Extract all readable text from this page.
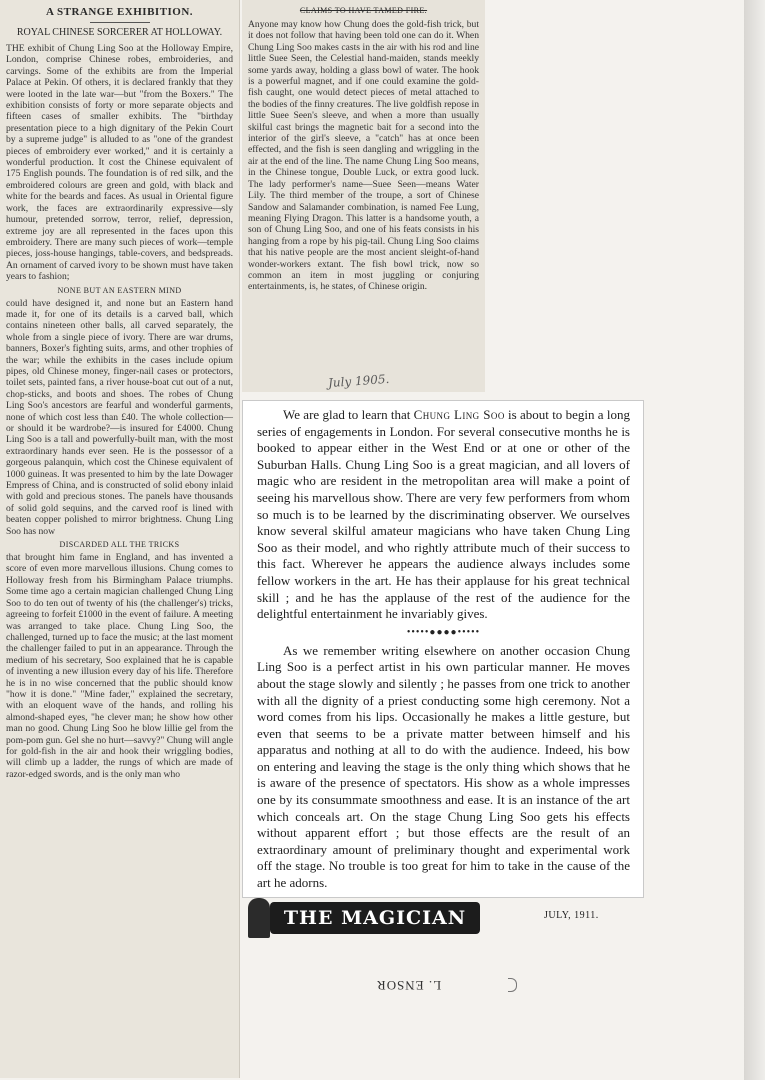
A STRANGE EXHIBITION.

ROYAL CHINESE SORCERER AT HOLLOWAY.

THE exhibit of Chung Ling Soo at the Holloway Empire, London, comprise Chinese robes, embroideries, and carvings. Some of the exhibits are from the Imperial Palace at Pekin. Of others, it is declared frankly that they were looted in the late war—but "from the Boxers." The exhibition consists of forty or more separate objects and fifteen cases of smaller exhibits. The "birthday presentation piece to a high dignitary of the Pekin Court by a supreme judge" is alluded to as "one of the grandest pieces of embroidery ever worked," and it is certainly a wonderful production. It cost the Chinese equivalent of 175 English pounds. The foundation is of red silk, and the embroidered colours are green and gold, with black and white for the beards and faces. As usual in Oriental figure work, the faces are extraordinarily expressive—sly humour, pretended sorrow, terror, relief, depression, extreme joy are all represented in the faces upon this embroidery. There are many such pieces of work—temple pieces, joss-house hangings, table-covers, and bedspreads. An ornament of carved ivory to be shown must have taken years to fashion;

NONE BUT AN EASTERN MIND

could have designed it, and none but an Eastern hand made it, for one of its details is a carved ball, which contains nineteen other balls, all carved separately, the whole from a single piece of ivory. There are war drums, banners, Boxer's fighting suits, arms, and other trophies of the war; while the exhibits in the cases include opium pipes, old Chinese money, finger-nail cases or protectors, toilet sets, painted fans, a river house-boat cut out of a nut, chop-sticks, and boots and shoes. The robes of Chung Ling Soo's ancestors are fearful and wonderful garments, none of which cost less than £40. The whole collection—or should it be wardrobe?—is insured for £4000. Chung Ling Soo is a tall and powerfully-built man, with the most extraordinary hands ever seen. He is the possessor of a gorgeous palanquin, which cost the Chinese equivalent of 1000 guineas. It was presented to him by the late Dowager Empress of China, and is constructed of solid ebony inlaid with gold and precious stones. The panels have thousands of solid gold sequins, and the carved roof is lined with beaten copper polished to mirror brightness. Chung Ling Soo has now

DISCARDED ALL THE TRICKS

that brought him fame in England, and has invented a score of even more marvellous illusions. Chung comes to Holloway fresh from his Birmingham Palace triumphs. Some time ago a certain magician challenged Chung Ling Soo to do ten out of twenty of his (the challenger's) tricks, agreeing to forfeit £1000 in the event of failure. A meeting was arranged to take place. Chung Ling Soo, the challenged, turned up to face the music; at the last moment the challenger failed to put in an appearance. Through the medium of his secretary, Soo explained that he is capable of inventing a new illusion every day of his life. Therefore he is in no wise concerned that the public should know "how it is done." "Mine fader," explained the secretary, with an eloquent wave of the hands, and rolling his almond-shaped eyes, "he clever man; he show how other man no good. Chung Ling Soo he blow lillie gel from the pom-pom gun. Gel she no hurt—savvy?" Chung will angle for gold-fish in the air and hook their wriggling bodies, will climb up a ladder, the rungs of which are made of razor-edged swords, and is the only man who

CLAIMS TO HAVE TAMED FIRE.

Anyone may know how Chung does the gold-fish trick, but it does not follow that having been told one can do it. When Chung Ling Soo makes casts in the air with his rod and line little Suee Seen, the Celestial hand-maiden, stands meekly some yards away, holding a glass bowl of water. The hook is a powerful magnet, and if one could examine the gold-fish caught, one would detect pieces of metal attached to the bodies of the finny creatures. The live goldfish repose in little Suee Seen's sleeve, and when a more than usually skilful cast brings the magnetic bait for a second into the interior of the girl's sleeve, a "catch" has at once been effected, and the fish is seen dangling and wriggling in the air at the end of the line. The name Chung Ling Soo means, in the Chinese tongue, Double Luck, or extra good luck. The lady performer's name—Suee Seen—means Water Lily. The third member of the troupe, a sort of Chinese Sandow and Salamander combination, is named Fee Lung, meaning Flying Dragon. This latter is a handsome youth, a son of Chung Ling Soo, and one of his feats consists in his hanging from a rope by his pig-tail. Chung Ling Soo claims that his native people are the most ancient sleight-of-hand wonder-workers extant. The fish bowl trick, now so common an item in most juggling or conjuring entertainments, is, he states, of Chinese origin.

July 1905.

We are glad to learn that Chung Ling Soo is about to begin a long series of engagements in London. For several consecutive months he is booked to appear either in the West End or at one or other of the Suburban Halls. Chung Ling Soo is a great magician, and all lovers of magic who are resident in the metropolitan area will make a point of seeing his marvellous show. There are very few performers from whom so much is to be learned by the discriminating observer. We ourselves know several skilful amateur magicians who have taken Chung Ling Soo as their model, and who rightly attribute much of their success to this fact. Wherever he appears the audience always includes some fellow workers in the art. He has their applause for his great technical skill ; and he has the applause of the rest of the audience for the delightful entertainment he invariably gives.

•••••●●●●•••••

As we remember writing elsewhere on another occasion Chung Ling Soo is a perfect artist in his own particular manner. He moves about the stage slowly and silently ; he passes from one trick to another with all the dignity of a priest conducting some high ceremony. Not a word comes from his lips. Occasionally he makes a little gesture, but even that seems to be a private matter between himself and his apparatus and nothing at all to do with the audience. Indeed, his bow on entering and leaving the stage is the only thing which shows that he is aware of the presence of spectators. His show as a whole impresses one by its consummate smoothness and ease. It is an instance of the art which conceals art. On the stage Chung Ling Soo gets his effects without apparent effort ; but those effects are the result of an extraordinary amount of preliminary thought and experimental work off the stage. No trouble is too great for him to take in the cause of the art he adorns.

THE MAGICIAN	JULY, 1911.
L. ENSOR
